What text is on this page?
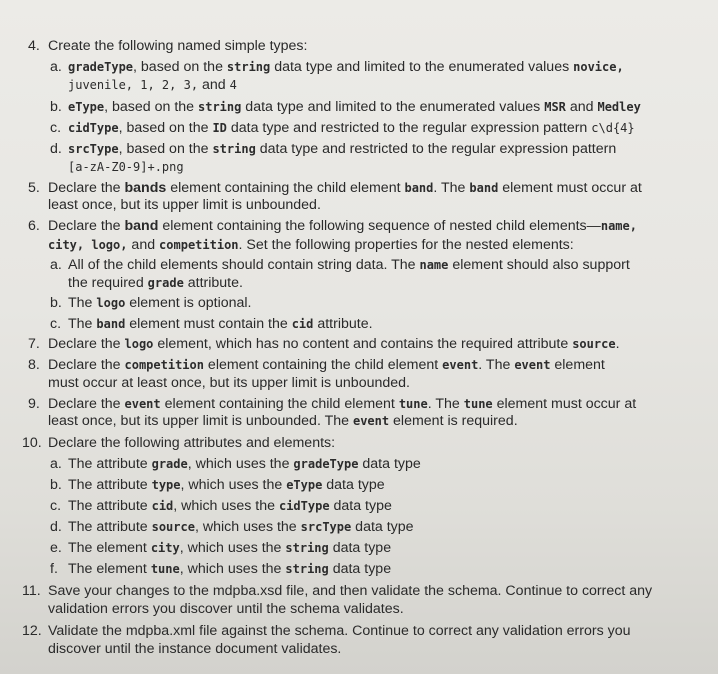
4. Create the following named simple types:
a. gradeType, based on the string data type and limited to the enumerated values novice,
juvenile, 1, 2, 3, and 4
b. eType, based on the string data type and limited to the enumerated values MSR and Medley
c. cidType, based on the ID data type and restricted to the regular expression pattern c\d{4}
d. srcType, based on the string data type and restricted to the regular expression pattern
[a-zA-Z0-9]+.png
5. Declare the bands element containing the child element band. The band element must occur at
least once, but its upper limit is unbounded.
6. Declare the band element containing the following sequence of nested child elements—name,
city, logo, and competition. Set the following properties for the nested elements:
a. All of the child elements should contain string data. The name element should also support
the required grade attribute.
b. The logo element is optional.
c. The band element must contain the cid attribute.
7. Declare the logo element, which has no content and contains the required attribute source.
8. Declare the competition element containing the child element event. The event element
must occur at least once, but its upper limit is unbounded.
9. Declare the event element containing the child element tune. The tune element must occur at
least once, but its upper limit is unbounded. The event element is required.
10. Declare the following attributes and elements:
a. The attribute grade, which uses the gradeType data type
b. The attribute type, which uses the eType data type
c. The attribute cid, which uses the cidType data type
d. The attribute source, which uses the srcType data type
e. The element city, which uses the string data type
f. The element tune, which uses the string data type
11. Save your changes to the mdpba.xsd file, and then validate the schema. Continue to correct any
validation errors you discover until the schema validates.
12. Validate the mdpba.xml file against the schema. Continue to correct any validation errors you
discover until the instance document validates.
